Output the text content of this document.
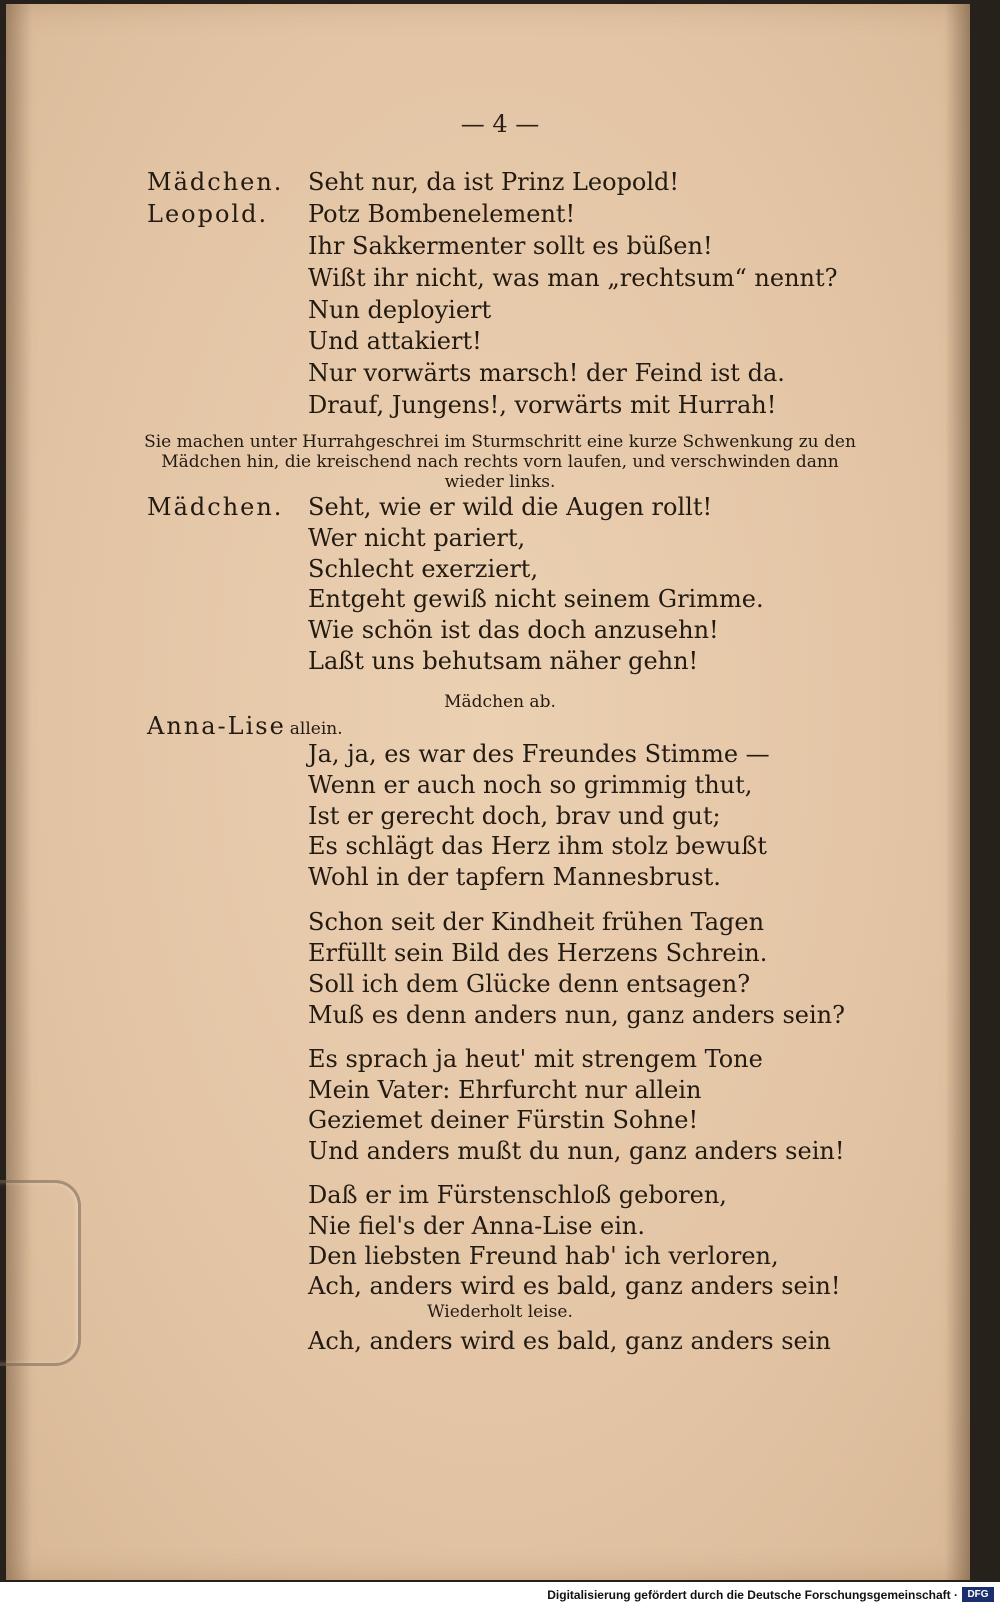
— 4 —
Mädchen. Seht nur, da ist Prinz Leopold!
Leopold. Potz Bombenelement!
Ihr Sakkermenter sollt es büßen!
Wißt ihr nicht, was man „rechtsum“ nennt?
Nun deployiert
Und attakiert!
Nur vorwärts marsch! der Feind ist da.
Drauf, Jungens!, vorwärts mit Hurrah!
Sie machen unter Hurrahgeschrei im Sturmschritt eine kurze Schwenkung zu den Mädchen hin, die kreischend nach rechts vorn laufen, und verschwinden dann wieder links.
Mädchen. Seht, wie er wild die Augen rollt!
Wer nicht pariert,
Schlecht exerziert,
Entgeht gewiß nicht seinem Grimme.
Wie schön ist das doch anzusehn!
Laßt uns behutsam näher gehn!
Mädchen ab.
Anna-Lise allein.
Ja, ja, es war des Freundes Stimme —
Wenn er auch noch so grimmig thut,
Ist er gerecht doch, brav und gut;
Es schlägt das Herz ihm stolz bewußt
Wohl in der tapfern Mannesbrust.
Schon seit der Kindheit frühen Tagen
Erfüllt sein Bild des Herzens Schrein.
Soll ich dem Glücke denn entsagen?
Muß es denn anders nun, ganz anders sein?
Es sprach ja heut' mit strengem Tone
Mein Vater: Ehrfurcht nur allein
Geziemet deiner Fürstin Sohne!
Und anders mußt du nun, ganz anders sein!
Daß er im Fürstenschloß geboren,
Nie fiel's der Anna-Lise ein.
Den liebsten Freund hab' ich verloren,
Ach, anders wird es bald, ganz anders sein!
Wiederholt leise.
Ach, anders wird es bald, ganz anders sein
Digitalisierung gefördert durch die Deutsche Forschungsgemeinschaft · DFG
